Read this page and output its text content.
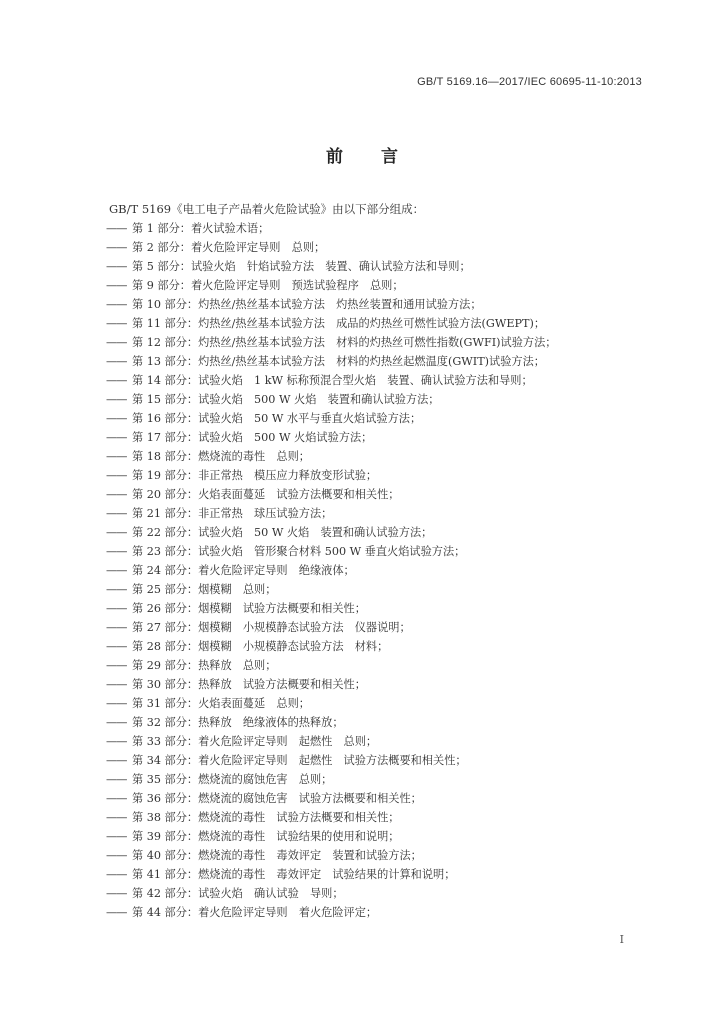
GB/T 5169.16—2017/IEC 60695-11-10:2013
前 言
GB/T 5169《电工电子产品着火危险试验》由以下部分组成：
—— 第 1 部分：着火试验术语；
—— 第 2 部分：着火危险评定导则　总则；
—— 第 5 部分：试验火焰　针焰试验方法　装置、确认试验方法和导则；
—— 第 9 部分：着火危险评定导则　预选试验程序　总则；
—— 第 10 部分：灼热丝/热丝基本试验方法　灼热丝装置和通用试验方法；
—— 第 11 部分：灼热丝/热丝基本试验方法　成品的灼热丝可燃性试验方法(GWEPT)；
—— 第 12 部分：灼热丝/热丝基本试验方法　材料的灼热丝可燃性指数(GWFI)试验方法；
—— 第 13 部分：灼热丝/热丝基本试验方法　材料的灼热丝起燃温度(GWIT)试验方法；
—— 第 14 部分：试验火焰　1 kW 标称预混合型火焰　装置、确认试验方法和导则；
—— 第 15 部分：试验火焰　500 W 火焰　装置和确认试验方法；
—— 第 16 部分：试验火焰　50 W 水平与垂直火焰试验方法；
—— 第 17 部分：试验火焰　500 W 火焰试验方法；
—— 第 18 部分：燃烧流的毒性　总则；
—— 第 19 部分：非正常热　模压应力释放变形试验；
—— 第 20 部分：火焰表面蔓延　试验方法概要和相关性；
—— 第 21 部分：非正常热　球压试验方法；
—— 第 22 部分：试验火焰　50 W 火焰　装置和确认试验方法；
—— 第 23 部分：试验火焰　管形聚合材料 500 W 垂直火焰试验方法；
—— 第 24 部分：着火危险评定导则　绝缘液体；
—— 第 25 部分：烟模糊　总则；
—— 第 26 部分：烟模糊　试验方法概要和相关性；
—— 第 27 部分：烟模糊　小规模静态试验方法　仪器说明；
—— 第 28 部分：烟模糊　小规模静态试验方法　材料；
—— 第 29 部分：热释放　总则；
—— 第 30 部分：热释放　试验方法概要和相关性；
—— 第 31 部分：火焰表面蔓延　总则；
—— 第 32 部分：热释放　绝缘液体的热释放；
—— 第 33 部分：着火危险评定导则　起燃性　总则；
—— 第 34 部分：着火危险评定导则　起燃性　试验方法概要和相关性；
—— 第 35 部分：燃烧流的腐蚀危害　总则；
—— 第 36 部分：燃烧流的腐蚀危害　试验方法概要和相关性；
—— 第 38 部分：燃烧流的毒性　试验方法概要和相关性；
—— 第 39 部分：燃烧流的毒性　试验结果的使用和说明；
—— 第 40 部分：燃烧流的毒性　毒效评定　装置和试验方法；
—— 第 41 部分：燃烧流的毒性　毒效评定　试验结果的计算和说明；
—— 第 42 部分：试验火焰　确认试验　导则；
—— 第 44 部分：着火危险评定导则　着火危险评定；
I
